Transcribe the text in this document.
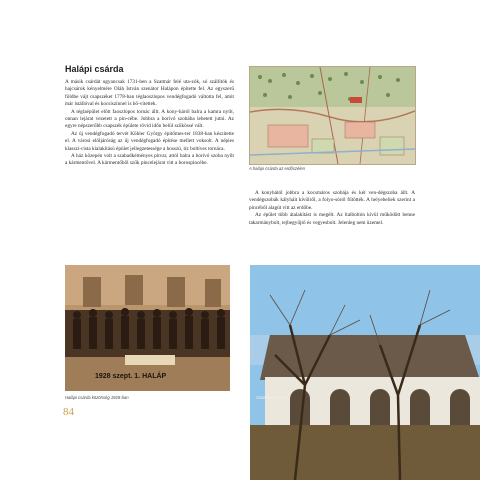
Halápi csárda

A másik csárdát ugyancsak 1731-ben a Szatmár felé uta-zók, só szállítók és hajcsárok kényelmére Oláh István szenátor Halápon építette fel. Az egyszerű földbe vájt csapszéket 1778-ban téglaoszlopos vendégfogadó váltotta fel, amit már istállóval és kocsiszínnel is bő-vítettek.

A téglaépület előtt faoszlopos tornác állt. A kony-háról balra a kamra nyílt, onnan lejárat vezetett a pin-cébe. Jobbra a borivó szobába lehetett jutni. Az egyre népszerűbb csapszék épülete rövid időn belül szűkössé vált.

Az új vendégfogadó tervét Köhler György építőmes-ter 1838-ban készítette el. A városi elöljáróság az új vendégfogadó építése mellett voksolt. A népies klasszi-cista kialakítású épület jellegzetessége a hosszú, tíz boltíves tornáca.

A ház közepén volt a szabadkéményes pitvar, attól balra a borivó szoba nyílt a kármentővel. A kármentőből szűk pincelejárat vitt a borospincébe.

A halápi csárda az erdőszélen

A konyhától jobbra a kocsmáros szobája és két ven-dégszoba állt. A vendégszobák kályháit kívülről, a folyo-sóról fűtötték. A helyebeliek szerint a pincéből alagút vitt az erdőbe.

Az épület több átalakítást is megélt. Az ítalboltón kívül működött benne takarmánybolt, tejbegyűjtő és vegyesbolt. Jelenleg nem üzemel.

1928 szept. 1. HALÁP
Halápi csárda közönség 1928-ban	Szatmár vidékén
84
